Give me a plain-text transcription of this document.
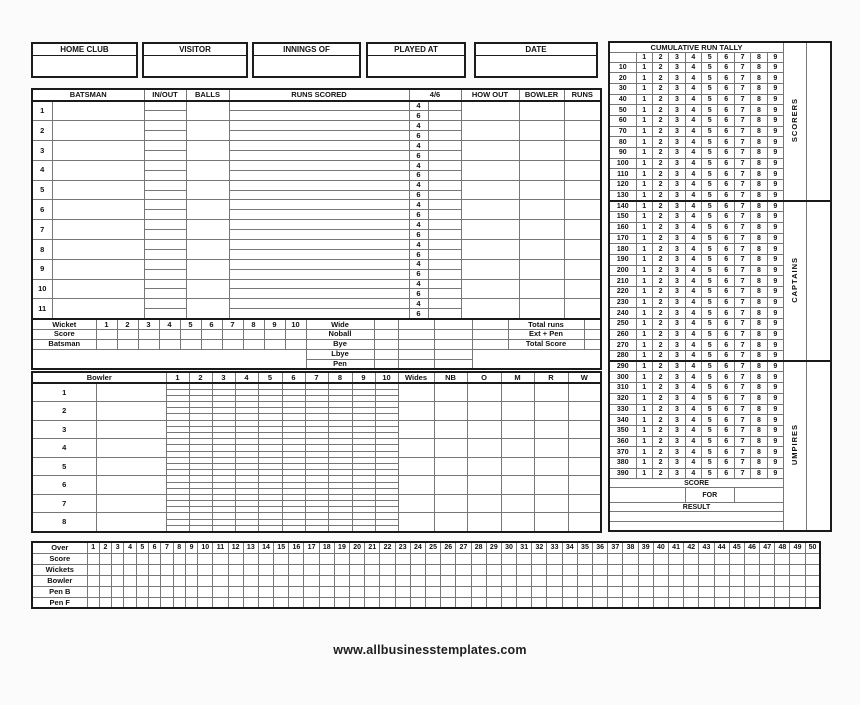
HOME CLUB	VISITOR	INNINGS OF	PLAYED AT	DATE
BATSMAN		IN/OUT	BALLS	RUNS SCORED	4/6		HOW OUT	BOWLER	RUNS
1					4				
					6				
2					4				
					6				
3					4				
					6				
4					4				
					6				
5					4				
					6				
6					4				
					6				
7					4				
					6				
8					4				
					6				
9					4				
					6				
10					4				
					6				
11					4				
					6				
Wicket	1	2	3	4	5	6	7	8	9	10	Wide					Total runs	
Score											Noball					Ext + Pen	
Batsman											Bye					Total Score	
											Lbye						
											Pen						
Bowler		1	2	3	4	5	6	7	8	9	10	Wides	NB	O	M	R	W
1																	

2																	

3																	

4																	

5																	

6																	

7																	

8																	

CUMULATIVE RUN TALLY										SCORERS	
	1	2	3	4	5	6	7	8	9		
10	1	2	3	4	5	6	7	8	9		
20	1	2	3	4	5	6	7	8	9		
30	1	2	3	4	5	6	7	8	9		
40	1	2	3	4	5	6	7	8	9		
50	1	2	3	4	5	6	7	8	9		
60	1	2	3	4	5	6	7	8	9		
70	1	2	3	4	5	6	7	8	9		
80	1	2	3	4	5	6	7	8	9		
90	1	2	3	4	5	6	7	8	9		
100	1	2	3	4	5	6	7	8	9		
110	1	2	3	4	5	6	7	8	9		
120	1	2	3	4	5	6	7	8	9		
130	1	2	3	4	5	6	7	8	9		
140	1	2	3	4	5	6	7	8	9	CAPTAINS	
150	1	2	3	4	5	6	7	8	9		
160	1	2	3	4	5	6	7	8	9		
170	1	2	3	4	5	6	7	8	9		
180	1	2	3	4	5	6	7	8	9		
190	1	2	3	4	5	6	7	8	9		
200	1	2	3	4	5	6	7	8	9		
210	1	2	3	4	5	6	7	8	9		
220	1	2	3	4	5	6	7	8	9		
230	1	2	3	4	5	6	7	8	9		
240	1	2	3	4	5	6	7	8	9		
250	1	2	3	4	5	6	7	8	9		
260	1	2	3	4	5	6	7	8	9		
270	1	2	3	4	5	6	7	8	9		
280	1	2	3	4	5	6	7	8	9		
290	1	2	3	4	5	6	7	8	9	UMPIRES	
300	1	2	3	4	5	6	7	8	9		
310	1	2	3	4	5	6	7	8	9		
320	1	2	3	4	5	6	7	8	9		
330	1	2	3	4	5	6	7	8	9		
340	1	2	3	4	5	6	7	8	9		
350	1	2	3	4	5	6	7	8	9		
360	1	2	3	4	5	6	7	8	9		
370	1	2	3	4	5	6	7	8	9		
380	1	2	3	4	5	6	7	8	9		
390	1	2	3	4	5	6	7	8	9		
SCORE											
				FOR							
RESULT											

Over	1	2	3	4	5	6	7	8	9	10	11	12	13	14	15	16	17	18	19	20	21	22	23	24	25	26	27	28	29	30	31	32	33	34	35	36	37	38	39	40	41	42	43	44	45	46	47	48	49	50
Score																																																		
Wickets																																																		
Bowler																																																		
Pen B																																																		
Pen F																																																		
www.allbusinesstemplates.com
